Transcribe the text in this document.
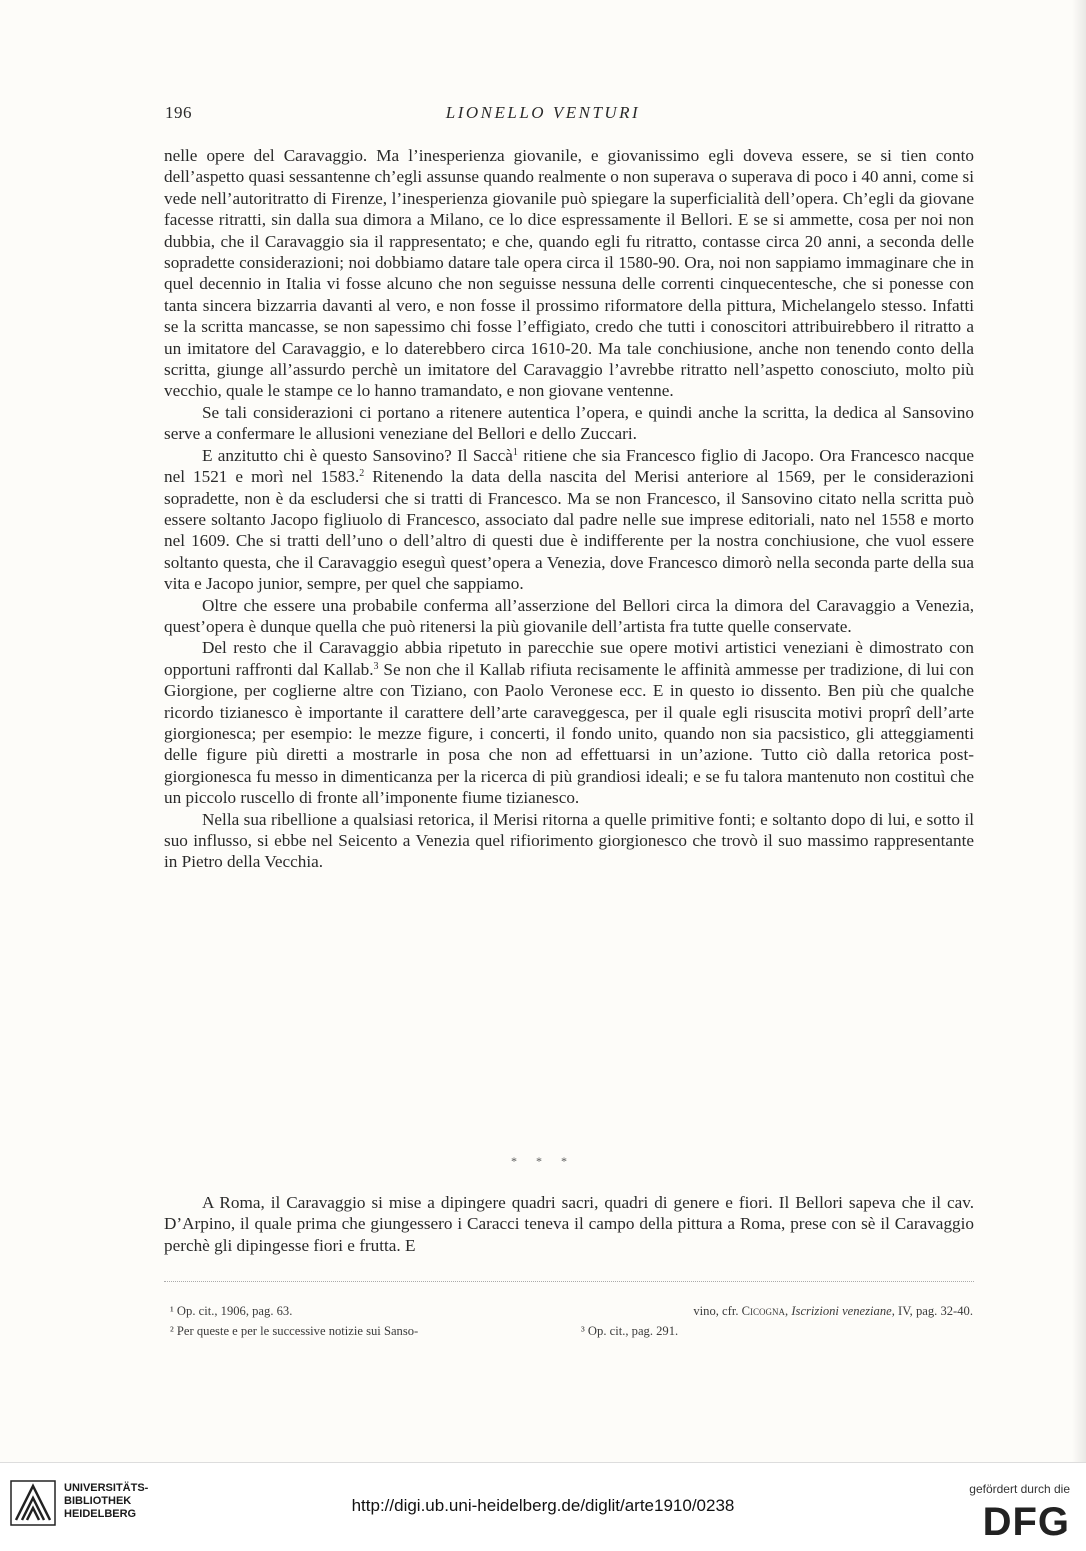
196	LIONELLO VENTURI

nelle opere del Caravaggio. Ma l’inesperienza giovanile, e giovanissimo egli doveva essere, se si tien conto dell’aspetto quasi sessantenne ch’egli assunse quando realmente o non superava o superava di poco i 40 anni, come si vede nell’autoritratto di Firenze, l’inesperienza giovanile può spiegare la superficialità dell’opera. Ch’egli da giovane facesse ritratti, sin dalla sua dimora a Milano, ce lo dice espressamente il Bellori. E se si ammette, cosa per noi non dubbia, che il Caravaggio sia il rappresentato; e che, quando egli fu ritratto, contasse circa 20 anni, a seconda delle sopradette considerazioni; noi dobbiamo datare tale opera circa il 1580-90. Ora, noi non sappiamo immaginare che in quel decennio in Italia vi fosse alcuno che non seguisse nessuna delle correnti cinquecentesche, che si ponesse con tanta sincera bizzarria davanti al vero, e non fosse il prossimo riformatore della pittura, Michelangelo stesso. Infatti se la scritta mancasse, se non sapessimo chi fosse l’effigiato, credo che tutti i conoscitori attribuirebbero il ritratto a un imitatore del Caravaggio, e lo daterebbero circa 1610-20. Ma tale conchiusione, anche non tenendo conto della scritta, giunge all’assurdo perchè un imitatore del Caravaggio l’avrebbe ritratto nell’aspetto conosciuto, molto più vecchio, quale le stampe ce lo hanno tramandato, e non giovane ventenne.

Se tali considerazioni ci portano a ritenere autentica l’opera, e quindi anche la scritta, la dedica al Sansovino serve a confermare le allusioni veneziane del Bellori e dello Zuccari.

E anzitutto chi è questo Sansovino? Il Saccà$^1$ ritiene che sia Francesco figlio di Jacopo. Ora Francesco nacque nel 1521 e morì nel 1583.$^2$ Ritenendo la data della nascita del Merisi anteriore al 1569, per le considerazioni sopradette, non è da escludersi che si tratti di Francesco. Ma se non Francesco, il Sansovino citato nella scritta può essere soltanto Jacopo figliuolo di Francesco, associato dal padre nelle sue imprese editoriali, nato nel 1558 e morto nel 1609. Che si tratti dell’uno o dell’altro di questi due è indifferente per la nostra conchiusione, che vuol essere soltanto questa, che il Caravaggio eseguì quest’opera a Venezia, dove Francesco dimorò nella seconda parte della sua vita e Jacopo junior, sempre, per quel che sappiamo.

Oltre che essere una probabile conferma all’asserzione del Bellori circa la dimora del Caravaggio a Venezia, quest’opera è dunque quella che può ritenersi la più giovanile dell’artista fra tutte quelle conservate.

Del resto che il Caravaggio abbia ripetuto in parecchie sue opere motivi artistici veneziani è dimostrato con opportuni raffronti dal Kallab.$^3$ Se non che il Kallab rifiuta recisamente le affinità ammesse per tradizione, di lui con Giorgione, per coglierne altre con Tiziano, con Paolo Veronese ecc. E in questo io dissento. Ben più che qualche ricordo tizianesco è importante il carattere dell’arte caraveggesca, per il quale egli risuscita motivi proprî dell’arte giorgionesca; per esempio: le mezze figure, i concerti, il fondo unito, quando non sia pacsistico, gli atteggiamenti delle figure più diretti a mostrarle in posa che non ad effettuarsi in un’azione. Tutto ciò dalla retorica post-giorgionesca fu messo in dimenticanza per la ricerca di più grandiosi ideali; e se fu talora mantenuto non costituì che un piccolo ruscello di fronte all’imponente fiume tizianesco.

Nella sua ribellione a qualsiasi retorica, il Merisi ritorna a quelle primitive fonti; e soltanto dopo di lui, e sotto il suo influsso, si ebbe nel Seicento a Venezia quel rifiorimento giorgionesco che trovò il suo massimo rappresentante in Pietro della Vecchia.

* * *

A Roma, il Caravaggio si mise a dipingere quadri sacri, quadri di genere e fiori. Il Bellori sapeva che il cav. D’Arpino, il quale prima che giungessero i Caracci teneva il campo della pittura a Roma, prese con sè il Caravaggio perchè gli dipingesse fiori e frutta. E

¹ Op. cit., 1906, pag. 63.
² Per queste e per le successive notizie sui Sanso-
vino, cfr. Cicogna, Iscrizioni veneziane, IV, pag. 32-40.
³ Op. cit., pag. 291.
UNIVERSITÄTS-
BIBLIOTHEK
HEIDELBERG	http://digi.ub.uni-heidelberg.de/diglit/arte1910/0238
gefördert durch die
DFG
